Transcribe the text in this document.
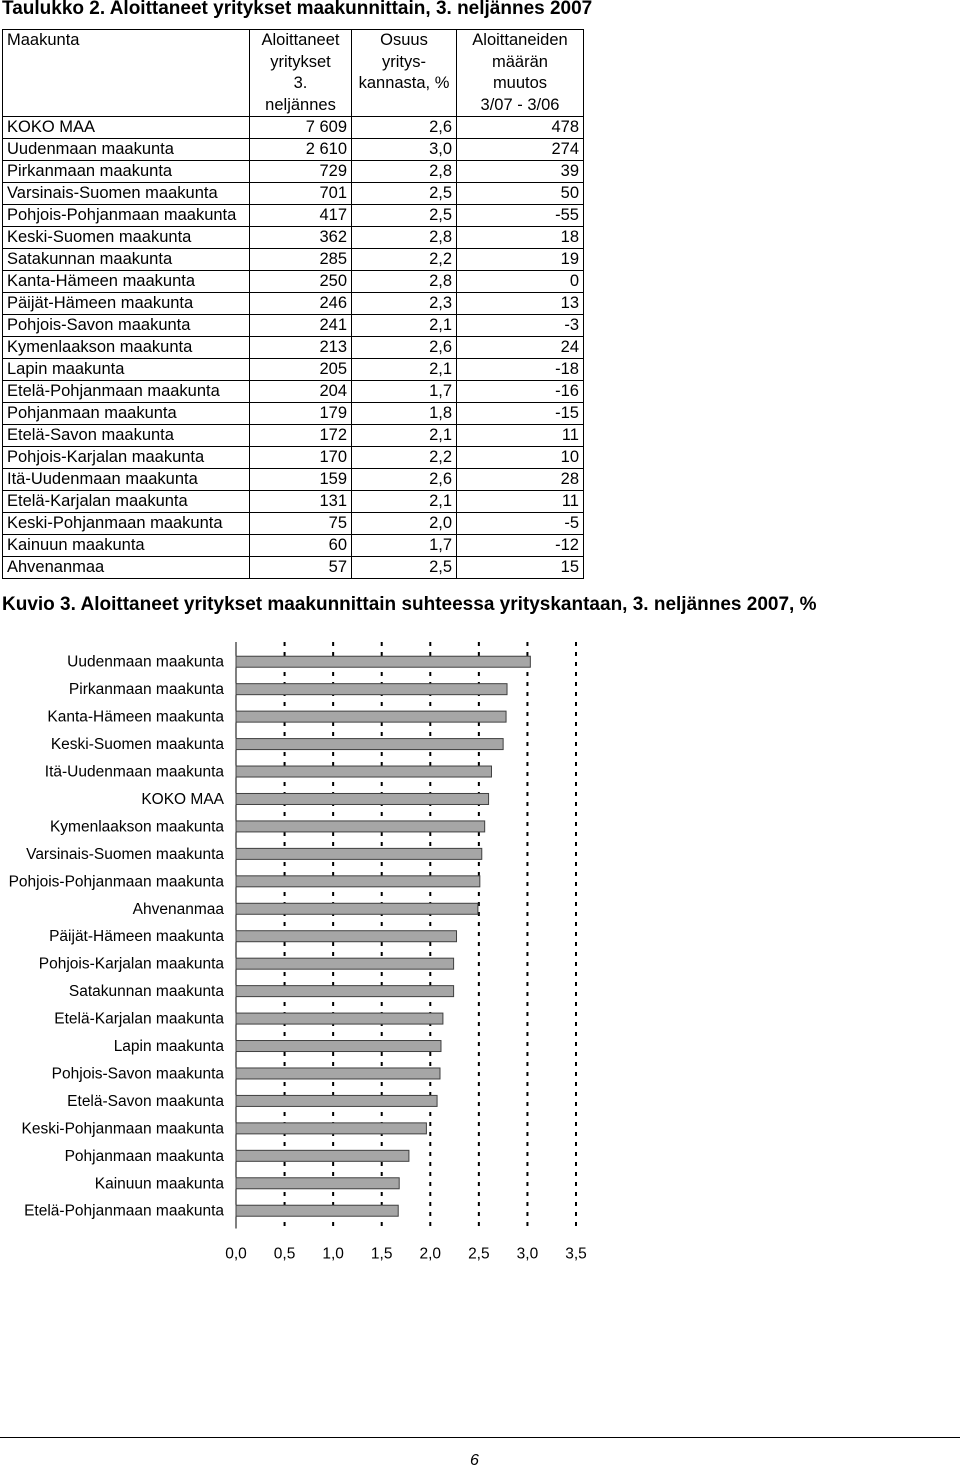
Taulukko 2. Aloittaneet yritykset maakunnittain, 3. neljännes 2007
Maakunta	Aloittaneet
yritykset
3.
neljännes	Osuus
yritys-
kannasta, %	Aloittaneiden
määrän
muutos
3/07 - 3/06

KOKO MAA	7 609	2,6	478
Uudenmaan maakunta	2 610	3,0	274
Pirkanmaan maakunta	729	2,8	39
Varsinais-Suomen maakunta	701	2,5	50
Pohjois-Pohjanmaan maakunta	417	2,5	-55
Keski-Suomen maakunta	362	2,8	18
Satakunnan maakunta	285	2,2	19
Kanta-Hämeen maakunta	250	2,8	0
Päijät-Hämeen maakunta	246	2,3	13
Pohjois-Savon maakunta	241	2,1	-3
Kymenlaakson maakunta	213	2,6	24
Lapin maakunta	205	2,1	-18
Etelä-Pohjanmaan maakunta	204	1,7	-16
Pohjanmaan maakunta	179	1,8	-15
Etelä-Savon maakunta	172	2,1	11
Pohjois-Karjalan maakunta	170	2,2	10
Itä-Uudenmaan maakunta	159	2,6	28
Etelä-Karjalan maakunta	131	2,1	11
Keski-Pohjanmaan maakunta	75	2,0	-5
Kainuun maakunta	60	1,7	-12
Ahvenanmaa	57	2,5	15
Kuvio 3. Aloittaneet yritykset maakunnittain suhteessa yrityskantaan, 3. neljännes 2007, %
Uudenmaan maakunta
Pirkanmaan maakunta
Kanta-Hämeen maakunta
Keski-Suomen maakunta
Itä-Uudenmaan maakunta
KOKO MAA
Kymenlaakson maakunta
Varsinais-Suomen maakunta
Pohjois-Pohjanmaan maakunta
Ahvenanmaa
Päijät-Hämeen maakunta
Pohjois-Karjalan maakunta
Satakunnan maakunta
Etelä-Karjalan maakunta
Lapin maakunta
Pohjois-Savon maakunta
Etelä-Savon maakunta
Keski-Pohjanmaan maakunta
Pohjanmaan maakunta
Kainuun maakunta
Etelä-Pohjanmaan maakunta
0,0 0,5 1,0 1,5 2,0 2,5 3,0 3,5
6
